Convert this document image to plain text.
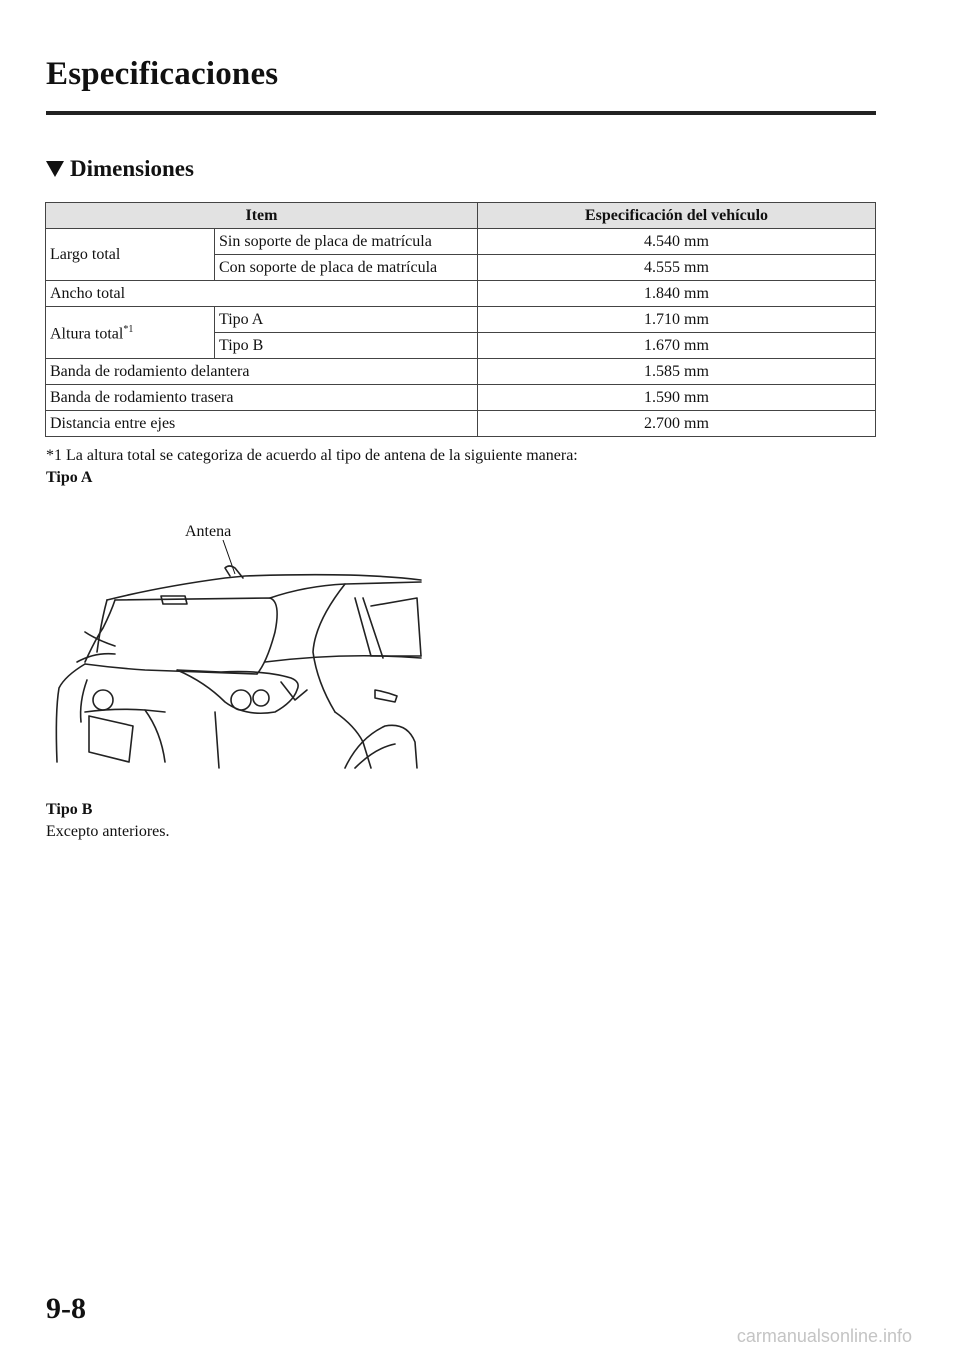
Especificaciones
Dimensiones
Item		Especificación del vehículo
Largo total	Sin soporte de placa de matrícula	4.540 mm
	Con soporte de placa de matrícula	4.555 mm
Ancho total		1.840 mm
Altura total$^{*1}$	Tipo A	1.710 mm
	Tipo B	1.670 mm
Banda de rodamiento delantera		1.585 mm
Banda de rodamiento trasera		1.590 mm
Distancia entre ejes		2.700 mm
*1 La altura total se categoriza de acuerdo al tipo de antena de la siguiente manera:
Tipo A
Antena
Tipo B
Excepto anteriores.
9-8
carmanualsonline.info
